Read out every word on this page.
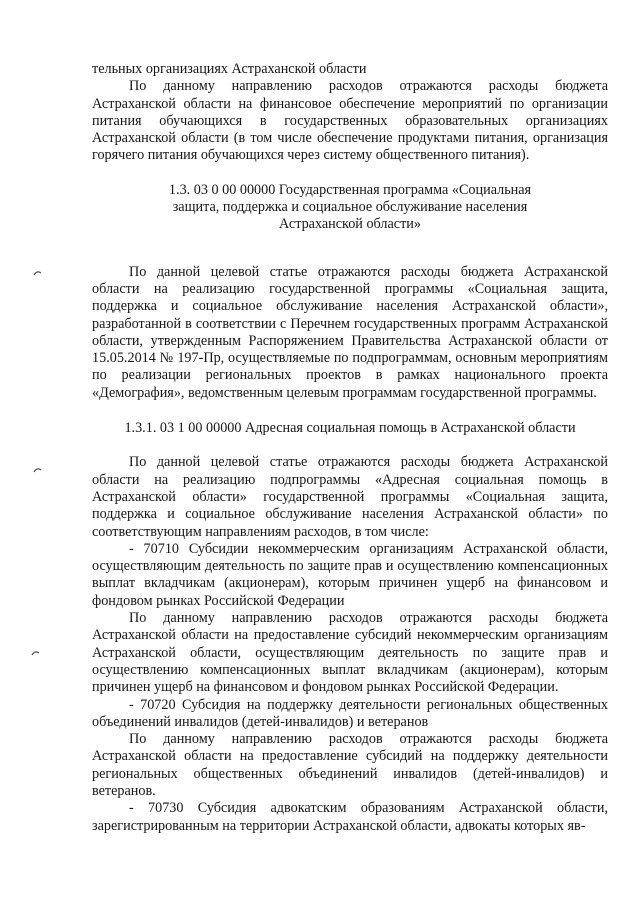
тельных организациях Астраханской области

По данному направлению расходов отражаются расходы бюджета Астраханской области на финансовое обеспечение мероприятий по организации питания обучающихся в государственных образовательных организациях Астраханской области (в том числе обеспечение продуктами питания, организация горячего питания обучающихся через систему общественного питания).

1.3. 03 0 00 00000 Государственная программа «Социальная
защита, поддержка и социальное обслуживание населения
Астраханской области»

По данной целевой статье отражаются расходы бюджета Астраханской области на реализацию государственной программы «Социальная защита, поддержка и социальное обслуживание населения Астраханской области», разработанной в соответствии с Перечнем государственных программ Астраханской области, утвержденным Распоряжением Правительства Астраханской области от 15.05.2014 № 197-Пр, осуществляемые по подпрограммам, основным мероприятиям по реализации региональных проектов в рамках национального проекта «Демография», ведомственным целевым программам государственной программы.

1.3.1. 03 1 00 00000 Адресная социальная помощь в Астраханской области

По данной целевой статье отражаются расходы бюджета Астраханской области на реализацию подпрограммы «Адресная социальная помощь в Астраханской области» государственной программы «Социальная защита, поддержка и социальное обслуживание населения Астраханской области» по соответствующим направлениям расходов, в том числе:

- 70710 Субсидии некоммерческим организациям Астраханской области, осуществляющим деятельность по защите прав и осуществлению компенсационных выплат вкладчикам (акционерам), которым причинен ущерб на финансовом и фондовом рынках Российской Федерации

По данному направлению расходов отражаются расходы бюджета Астраханской области на предоставление субсидий некоммерческим организациям Астраханской области, осуществляющим деятельность по защите прав и осуществлению компенсационных выплат вкладчикам (акционерам), которым причинен ущерб на финансовом и фондовом рынках Российской Федерации.

- 70720 Субсидия на поддержку деятельности региональных общественных объединений инвалидов (детей-инвалидов) и ветеранов

По данному направлению расходов отражаются расходы бюджета Астраханской области на предоставление субсидий на поддержку деятельности региональных общественных объединений инвалидов (детей-инвалидов) и ветеранов.

- 70730 Субсидия адвокатским образованиям Астраханской области, зарегистрированным на территории Астраханской области, адвокаты которых яв-
